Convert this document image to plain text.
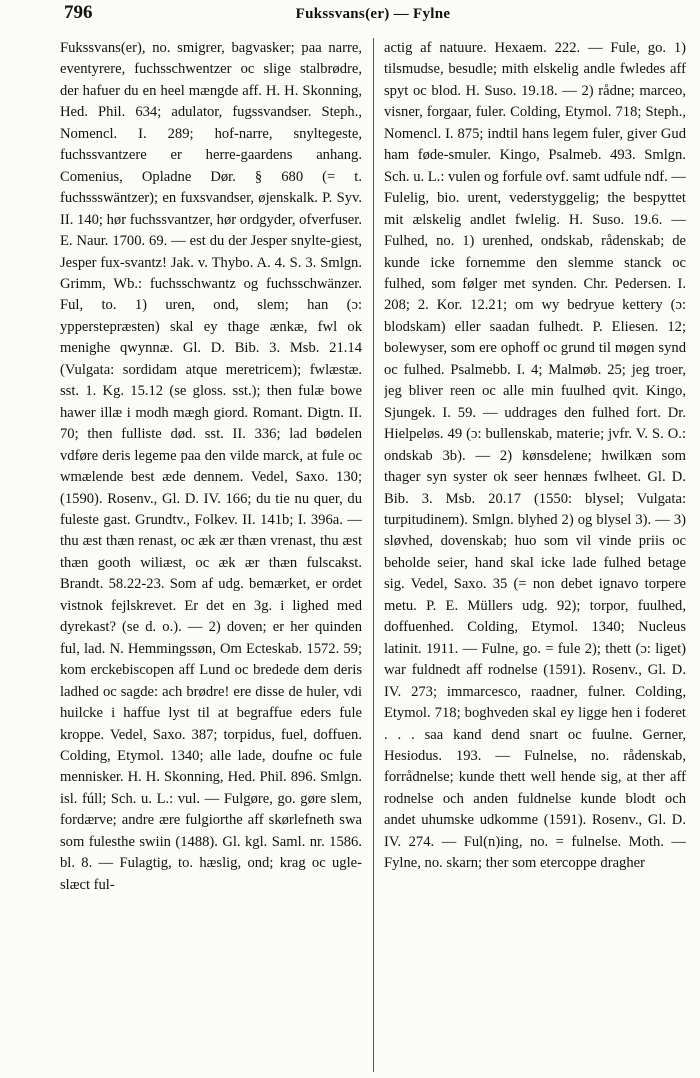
796	Fukssvans(er) — Fylne

Fukssvans(er), no. smigrer, bagvasker; paa narre, eventyrere, fuchsschwentzer oc slige stalbrødre, der hafuer du en heel mængde aff. H. H. Skonning, Hed. Phil. 634; adulator, fugssvandser. Steph., Nomencl. I. 289; hof-narre, snyltegeste, fuchssvantzere er herre-gaardens anhang. Comenius, Opladne Dør. § 680 (= t. fuchssswäntzer); en fuxsvandser, øjenskalk. P. Syv. II. 140; hør fuchssvantzer, hør ordgyder, ofverfuser. E. Naur. 1700. 69. — est du der Jesper snylte-giest, Jesper fux-svantz! Jak. v. Thybo. A. 4. S. 3. Smlgn. Grimm, Wb.: fuchsschwantz og fuchsschwänzer. Ful, to. 1) uren, ond, slem; han (ɔ: ypperstepræsten) skal ey thage ænkæ, fwl ok menighe qwynnæ. Gl. D. Bib. 3. Msb. 21.14 (Vulgata: sordidam atque meretricem); fwlæstæ. sst. 1. Kg. 15.12 (se gloss. sst.); then fulæ bowe hawer illæ i modh mægh giord. Romant. Digtn. II. 70; then fulliste død. sst. II. 336; lad bødelen vdføre deris legeme paa den vilde marck, at fule oc wmælende best æde dennem. Vedel, Saxo. 130; (1590). Rosenv., Gl. D. IV. 166; du tie nu quer, du fuleste gast. Grundtv., Folkev. II. 141b; I. 396a. — thu æst thæn renast, oc æk ær thæn vrenast, thu æst thæn gooth wiliæst, oc æk ær thæn fulscakst. Brandt. 58.22-23. Som af udg. bemærket, er ordet vistnok fejlskrevet. Er det en 3g. i lighed med dyrekast? (se d. o.). — 2) doven; er her quinden ful, lad. N. Hemmingssøn, Om Ecteskab. 1572. 59; kom erckebiscopen aff Lund oc bredede dem deris ladhed oc sagde: ach brødre! ere disse de huler, vdi huilcke i haffue lyst til at begraffue eders fule kroppe. Vedel, Saxo. 387; torpidus, fuel, doffuen. Colding, Etymol. 1340; alle lade, doufne oc fule mennisker. H. H. Skonning, Hed. Phil. 896. Smlgn. isl. fúll; Sch. u. L.: vul. — Fulgøre, go. gøre slem, fordærve; andre ære fulgiorthe aff skørlefneth swa som fulesthe swiin (1488). Gl. kgl. Saml. nr. 1586. bl. 8. — Fulagtig, to. hæslig, ond; krag oc ugle-slæct ful-

actig af natuure. Hexaem. 222. — Fule, go. 1) tilsmudse, besudle; mith elskelig andle fwledes aff spyt oc blod. H. Suso. 19.18. — 2) rådne; marceo, visner, forgaar, fuler. Colding, Etymol. 718; Steph., Nomencl. I. 875; indtil hans legem fuler, giver Gud ham føde-smuler. Kingo, Psalmeb. 493. Smlgn. Sch. u. L.: vulen og forfule ovf. samt udfule ndf. — Fulelig, bio. urent, vederstyggelig; the bespyttet mit ælskelig andlet fwlelig. H. Suso. 19.6. — Fulhed, no. 1) urenhed, ondskab, rådenskab; de kunde icke fornemme den slemme stanck oc fulhed, som følger met synden. Chr. Pedersen. I. 208; 2. Kor. 12.21; om wy bedryue kettery (ɔ: blodskam) eller saadan fulhedt. P. Eliesen. 12; bolewyser, som ere ophoff oc grund til møgen synd oc fulhed. Psalmebb. I. 4; Malmøb. 25; jeg troer, jeg bliver reen oc alle min fuulhed qvit. Kingo, Sjungek. I. 59. — uddrages den fulhed fort. Dr. Hielpeløs. 49 (ɔ: bullenskab, materie; jvfr. V. S. O.: ondskab 3b). — 2) kønsdelene; hwilkæn som thager syn syster ok seer hennæs fwlheet. Gl. D. Bib. 3. Msb. 20.17 (1550: blysel; Vulgata: turpitudinem). Smlgn. blyhed 2) og blysel 3). — 3) sløvhed, dovenskab; huo som vil vinde priis oc beholde seier, hand skal icke lade fulhed betage sig. Vedel, Saxo. 35 (= non debet ignavo torpere metu. P. E. Müllers udg. 92); torpor, fuulhed, doffuenhed. Colding, Etymol. 1340; Nucleus latinit. 1911. — Fulne, go. = fule 2); thett (ɔ: liget) war fuldnedt aff rodnelse (1591). Rosenv., Gl. D. IV. 273; immarcesco, raadner, fulner. Colding, Etymol. 718; boghveden skal ey ligge hen i foderet . . . saa kand dend snart oc fuulne. Gerner, Hesiodus. 193. — Fulnelse, no. rådenskab, forrådnelse; kunde thett well hende sig, at ther aff rodnelse och anden fuldnelse kunde blodt och andet uhumske udkomme (1591). Rosenv., Gl. D. IV. 274. — Ful(n)ing, no. = fulnelse. Moth. — Fylne, no. skarn; ther som etercoppe dragher
